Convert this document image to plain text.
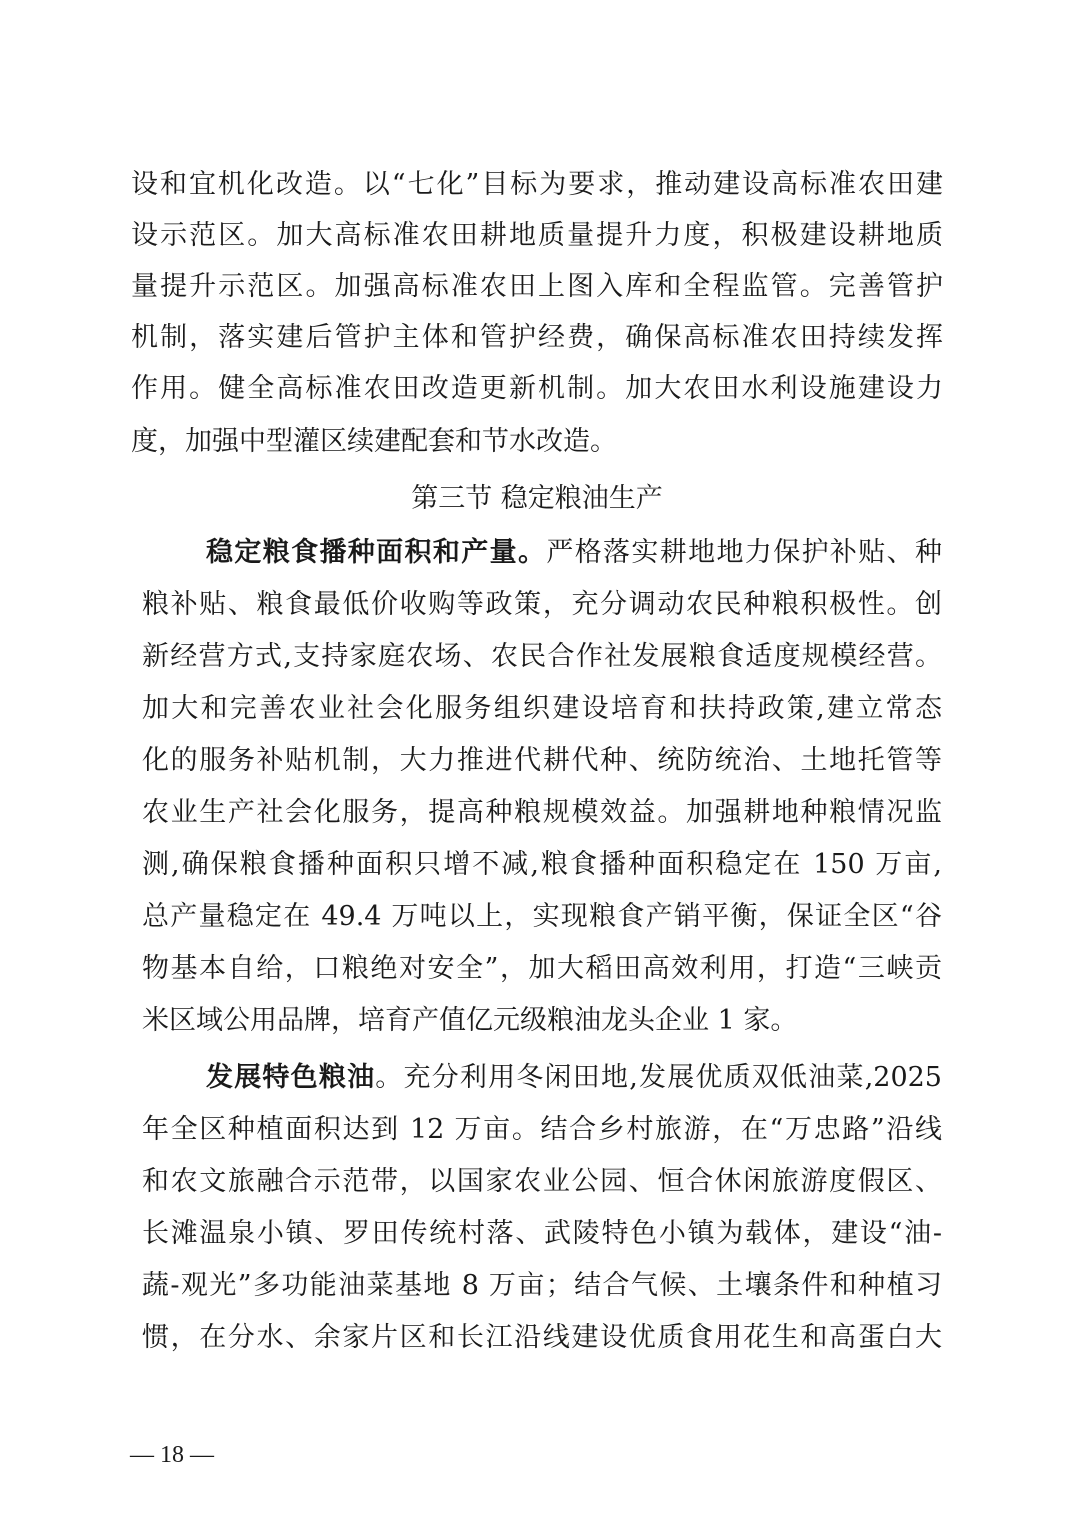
设和宜机化改造。以“七化”目标为要求，推动建设高标准农田建
设示范区。加大高标准农田耕地质量提升力度，积极建设耕地质
量提升示范区。加强高标准农田上图入库和全程监管。完善管护
机制，落实建后管护主体和管护经费，确保高标准农田持续发挥
作用。健全高标准农田改造更新机制。加大农田水利设施建设力
度，加强中型灌区续建配套和节水改造。
第三节 稳定粮油生产
稳定粮食播种面积和产量。严格落实耕地地力保护补贴、种
粮补贴、粮食最低价收购等政策，充分调动农民种粮积极性。创
新经营方式,支持家庭农场、农民合作社发展粮食适度规模经营。
加大和完善农业社会化服务组织建设培育和扶持政策,建立常态
化的服务补贴机制，大力推进代耕代种、统防统治、土地托管等
农业生产社会化服务，提高种粮规模效益。加强耕地种粮情况监
测,确保粮食播种面积只增不减,粮食播种面积稳定在 150 万亩,
总产量稳定在 49.4 万吨以上，实现粮食产销平衡，保证全区“谷
物基本自给，口粮绝对安全”，加大稻田高效利用，打造“三峡贡
米区域公用品牌，培育产值亿元级粮油龙头企业 1 家。
发展特色粮油。充分利用冬闲田地,发展优质双低油菜,2025
年全区种植面积达到 12 万亩。结合乡村旅游，在“万忠路”沿线
和农文旅融合示范带，以国家农业公园、恒合休闲旅游度假区、
长滩温泉小镇、罗田传统村落、武陵特色小镇为载体，建设“油-
蔬-观光”多功能油菜基地 8 万亩；结合气候、土壤条件和种植习
惯，在分水、余家片区和长江沿线建设优质食用花生和高蛋白大
— 18 —
